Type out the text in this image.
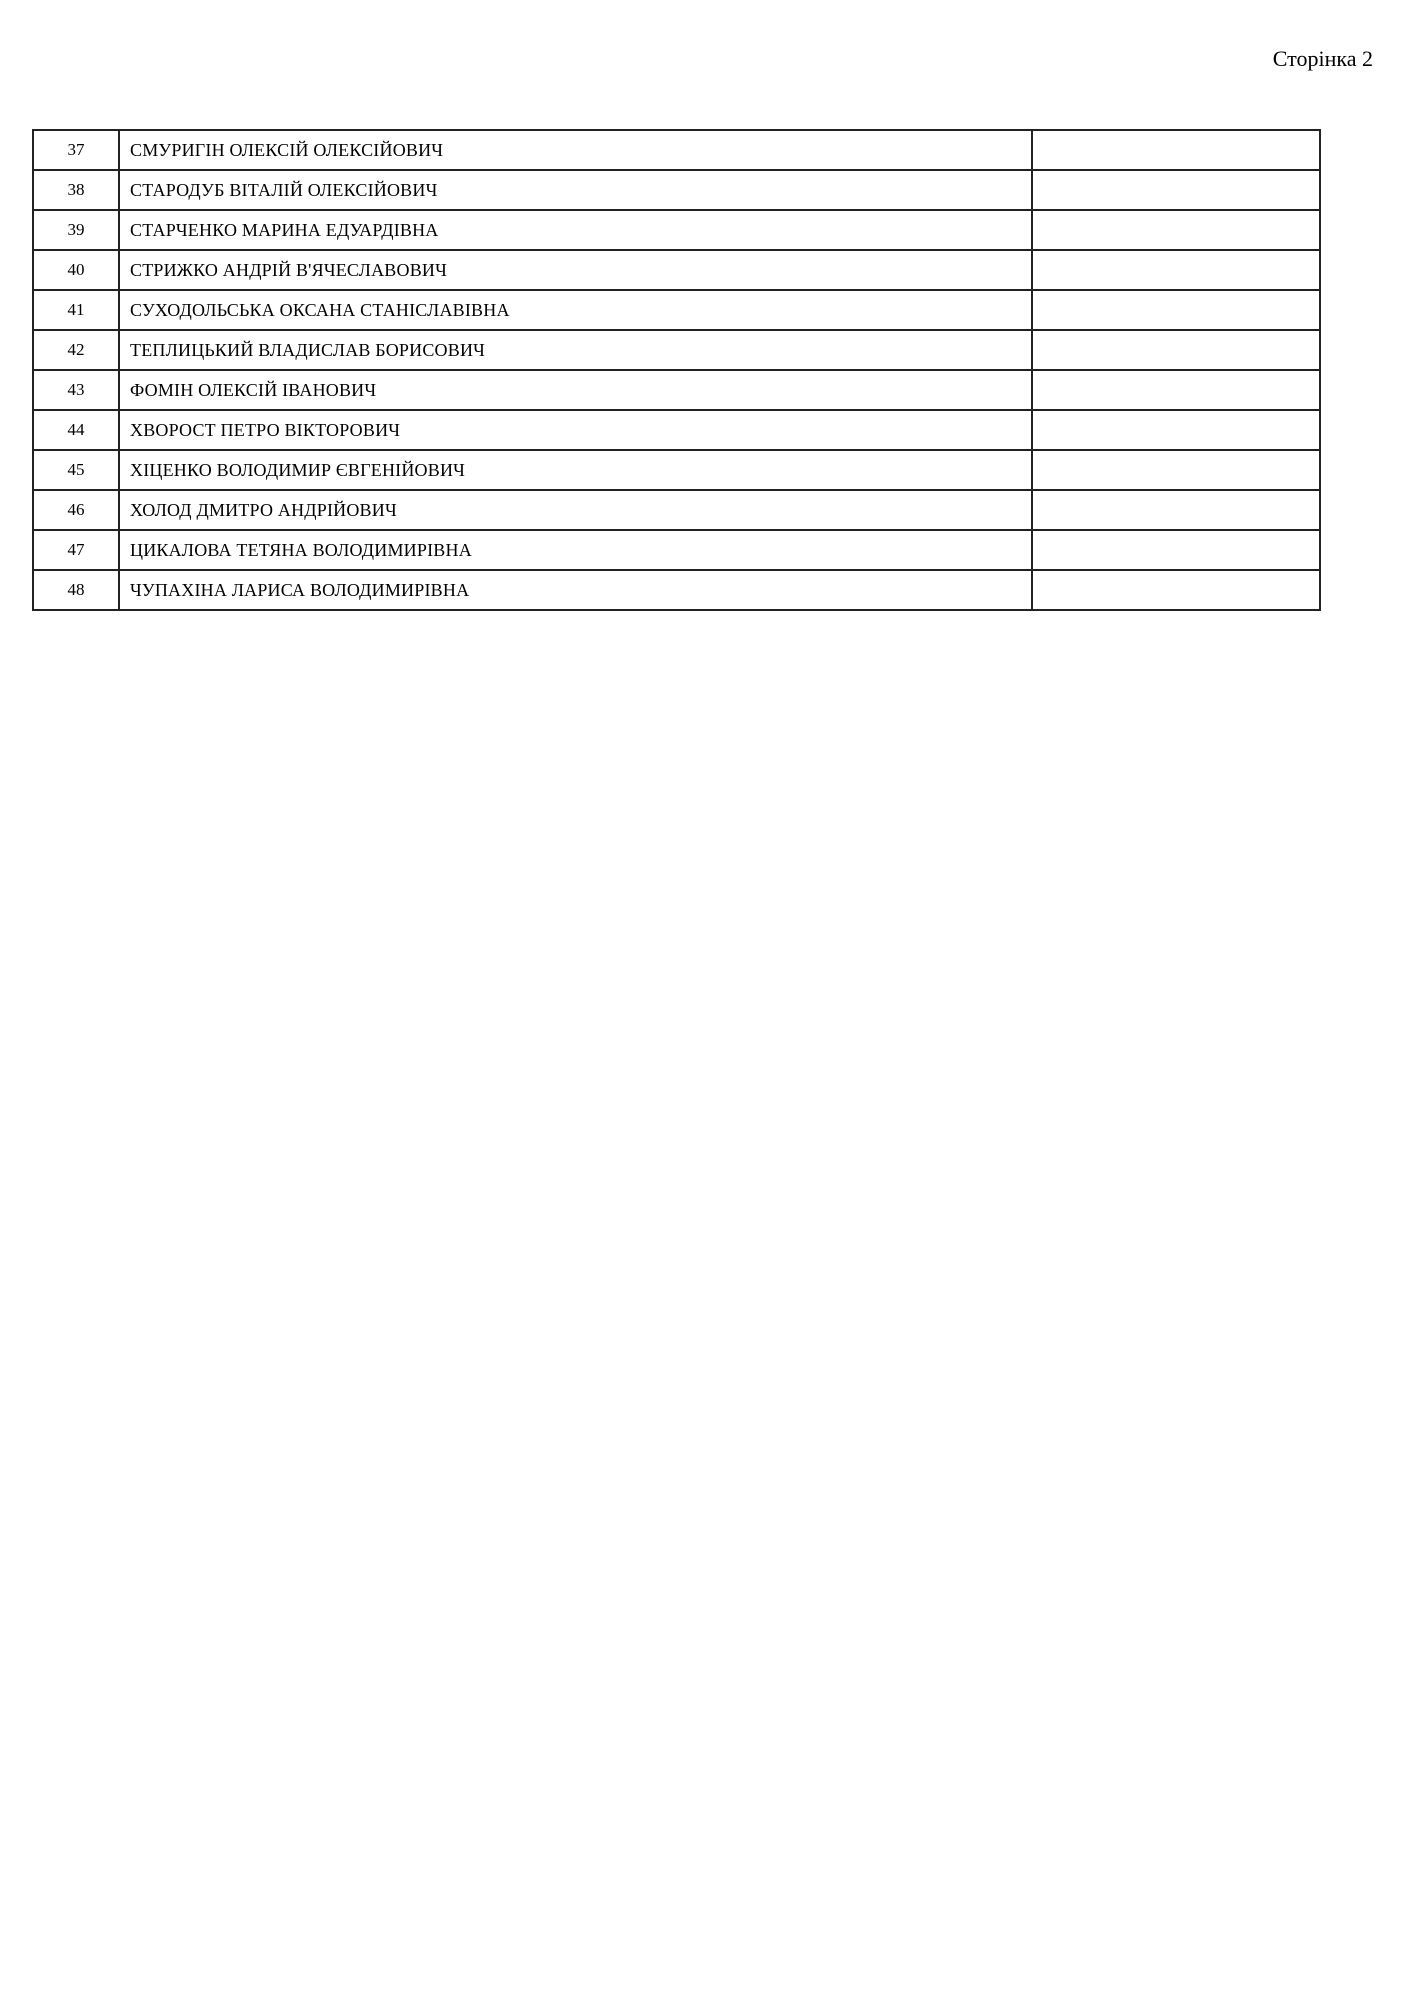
Сторінка 2
37	СМУРИГІН ОЛЕКСІЙ ОЛЕКСІЙОВИЧ	
38	СТАРОДУБ ВІТАЛІЙ ОЛЕКСІЙОВИЧ	
39	СТАРЧЕНКО МАРИНА ЕДУАРДІВНА	
40	СТРИЖКО АНДРІЙ В'ЯЧЕСЛАВОВИЧ	
41	СУХОДОЛЬСЬКА ОКСАНА СТАНІСЛАВІВНА	
42	ТЕПЛИЦЬКИЙ ВЛАДИСЛАВ БОРИСОВИЧ	
43	ФОМІН ОЛЕКСІЙ ІВАНОВИЧ	
44	ХВОРОСТ ПЕТРО ВІКТОРОВИЧ	
45	ХІЦЕНКО ВОЛОДИМИР ЄВГЕНІЙОВИЧ	
46	ХОЛОД ДМИТРО АНДРІЙОВИЧ	
47	ЦИКАЛОВА ТЕТЯНА ВОЛОДИМИРІВНА	
48	ЧУПАХІНА ЛАРИСА ВОЛОДИМИРІВНА	
